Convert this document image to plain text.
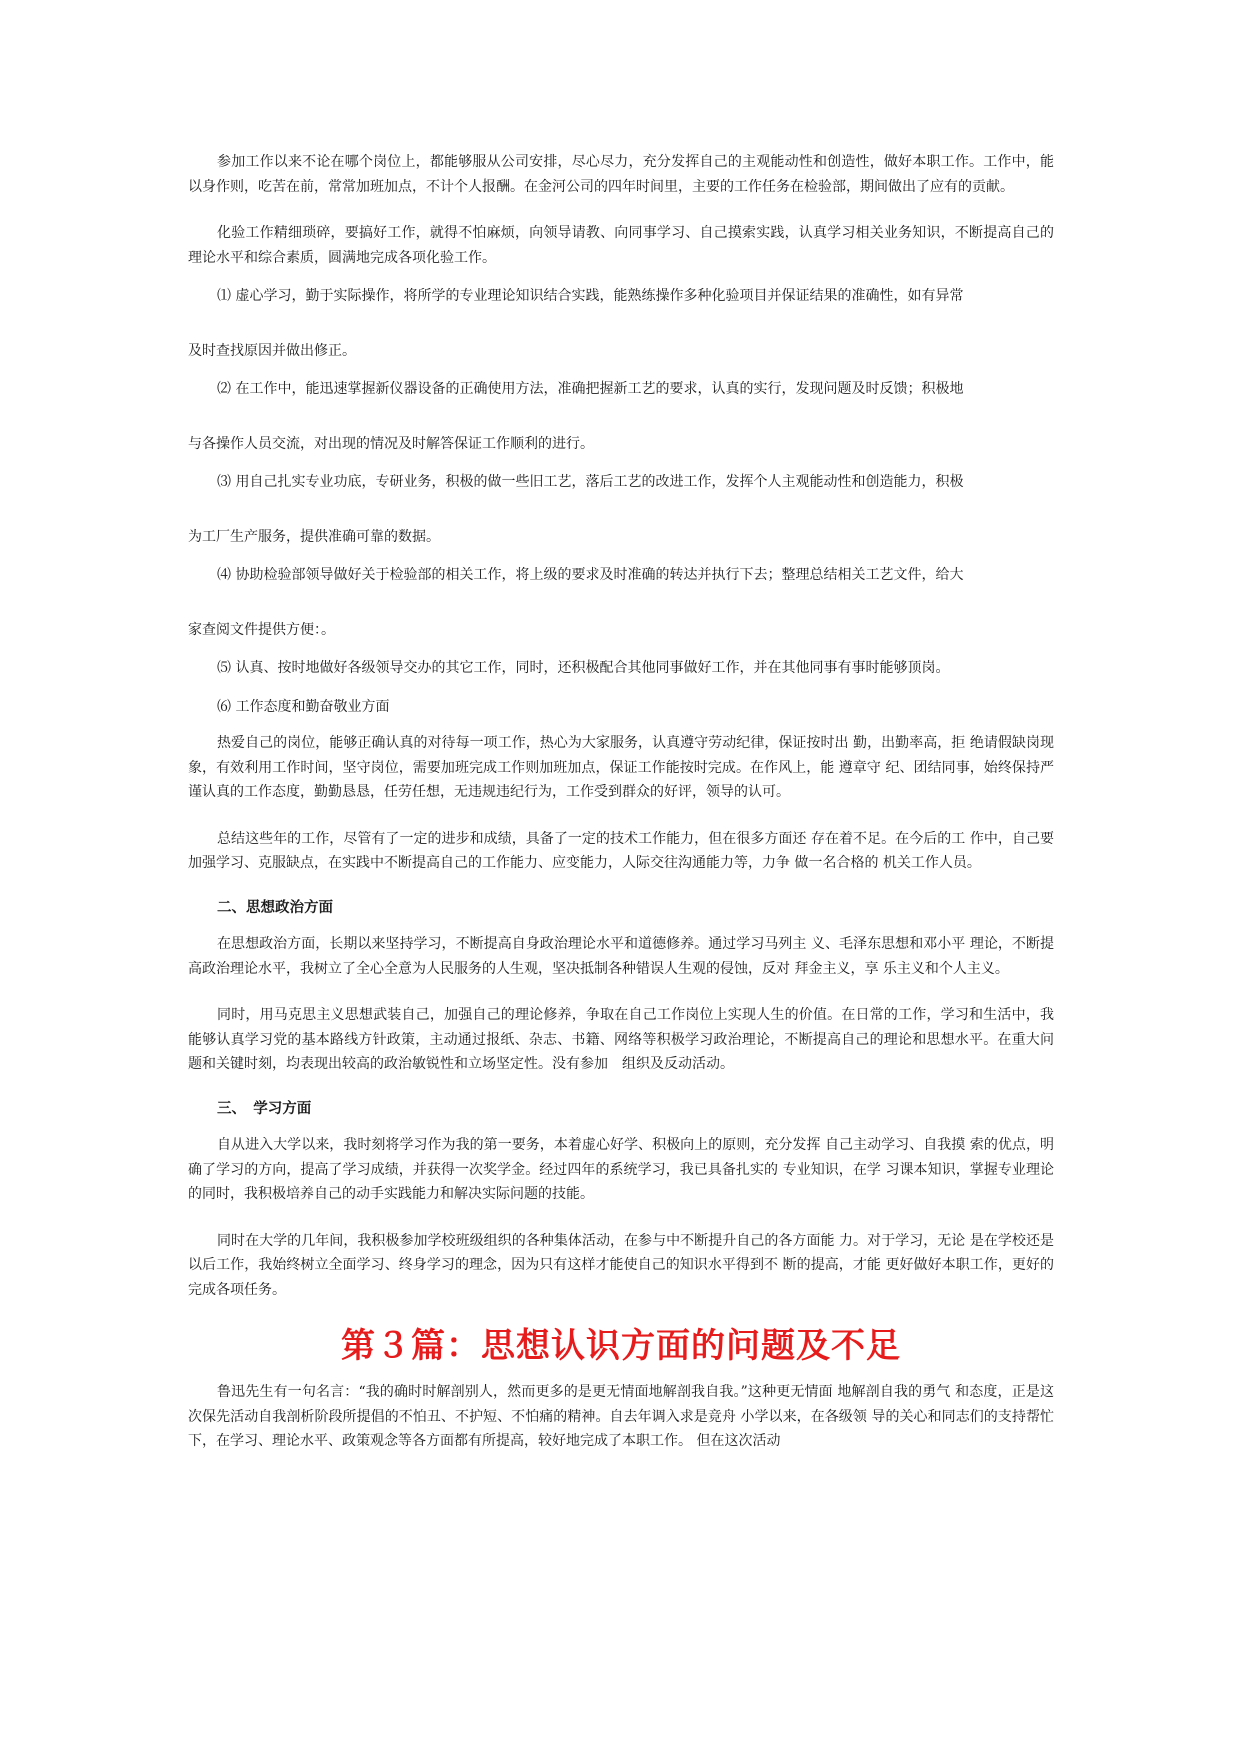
参加工作以来不论在哪个岗位上，都能够服从公司安排，尽心尽力，充分发挥自己的主观能动性和创造性，做好本职工作。工作中，能以身作则，吃苦在前，常常加班加点，不计个人报酬。在金河公司的四年时间里，主要的工作任务在检验部，期间做出了应有的贡献。

化验工作精细琐碎，要搞好工作，就得不怕麻烦，向领导请教、向同事学习、自己摸索实践，认真学习相关业务知识，不断提高自己的理论水平和综合素质，圆满地完成各项化验工作。

⑴ 虚心学习，勤于实际操作，将所学的专业理论知识结合实践，能熟练操作多种化验项目并保证结果的准确性，如有异常

及时查找原因并做出修正。

⑵ 在工作中，能迅速掌握新仪器设备的正确使用方法，准确把握新工艺的要求，认真的实行，发现问题及时反馈；积极地

与各操作人员交流，对出现的情况及时解答保证工作顺利的进行。

⑶ 用自己扎实专业功底，专研业务，积极的做一些旧工艺，落后工艺的改进工作，发挥个人主观能动性和创造能力，积极

为工厂生产服务，提供准确可靠的数据。

⑷ 协助检验部领导做好关于检验部的相关工作，将上级的要求及时准确的转达并执行下去；整理总结相关工艺文件，给大

家查阅文件提供方便：。

⑸ 认真、按时地做好各级领导交办的其它工作，同时，还积极配合其他同事做好工作，并在其他同事有事时能够顶岗。

⑹ 工作态度和勤奋敬业方面

热爱自己的岗位，能够正确认真的对待每一项工作，热心为大家服务，认真遵守劳动纪律，保证按时出 勤，出勤率高，拒 绝请假缺岗现象，有效利用工作时间，坚守岗位，需要加班完成工作则加班加点，保证工作能按时完成。在作风上，能 遵章守 纪、团结同事，始终保持严谨认真的工作态度，勤勤恳恳，任劳任想，无违规违纪行为，工作受到群众的好评，领导的认可。

总结这些年的工作，尽管有了一定的进步和成绩，具备了一定的技术工作能力，但在很多方面还 存在着不足。在今后的工 作中，自己要加强学习、克服缺点，在实践中不断提高自己的工作能力、应变能力，人际交往沟通能力等，力争 做一名合格的 机关工作人员。

二、思想政治方面

在思想政治方面，长期以来坚持学习，不断提高自身政治理论水平和道德修养。通过学习马列主 义、毛泽东思想和邓小平 理论，不断提高政治理论水平，我树立了全心全意为人民服务的人生观，坚决抵制各种错误人生观的侵蚀，反对 拜金主义，享 乐主义和个人主义。

同时，用马克思主义思想武装自己，加强自己的理论修养，争取在自己工作岗位上实现人生的价值。在日常的工作，学习和生活中，我能够认真学习党的基本路线方针政策，主动通过报纸、杂志、书籍、网络等积极学习政治理论，不断提高自己的理论和思想水平。在重大问题和关键时刻，均表现出较高的政治敏锐性和立场坚定性。没有参加　组织及反动活动。

三、　学习方面

自从进入大学以来，我时刻将学习作为我的第一要务，本着虚心好学、积极向上的原则，充分发挥 自己主动学习、自我摸 索的优点，明确了学习的方向，提高了学习成绩，并获得一次奖学金。经过四年的系统学习，我已具备扎实的 专业知识，在学 习课本知识，掌握专业理论的同时，我积极培养自己的动手实践能力和解决实际问题的技能。

同时在大学的几年间，我积极参加学校班级组织的各种集体活动，在参与中不断提升自己的各方面能 力。对于学习，无论 是在学校还是以后工作，我始终树立全面学习、终身学习的理念，因为只有这样才能使自己的知识水平得到不 断的提高，才能 更好做好本职工作，更好的完成各项任务。

第３篇：思想认识方面的问题及不足

鲁迅先生有一句名言：“我的确时时解剖别人，然而更多的是更无情面地解剖我自我。”这种更无情面 地解剖自我的勇气 和态度，正是这次保先活动自我剖析阶段所提倡的不怕丑、不护短、不怕痛的精神。自去年调入求是竞舟 小学以来，在各级领 导的关心和同志们的支持帮忙下，在学习、理论水平、政策观念等各方面都有所提高，较好地完成了本职工作。 但在这次活动
